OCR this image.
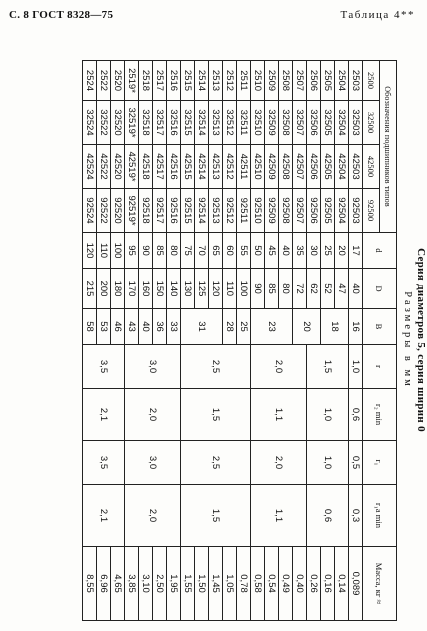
С. 8 ГОСТ 8328—75	Таблица 4**
Серия диаметров 5, серия ширин 0
Размеры в мм
Обозначения подшипников типов				d	D	B	r	r₂ min	r₁	r₁a min	Масса, кг ≈
2500	32500	42500	92500								
2503	32503	42503	92503	17	40	16	1,0	0,6	0,5	0,3	0,089
2504	32504	42504	92504	20	47	18	1,5	1,0	1,0	0,6	0,14
2505	32505	42505	92505	25	52						0,16
2506	32506	42506	92506	30	62	20					0,26
2507	32507	42507	92507	35	72		2,0	1,1	2,0	1,1	0,40
2508	32508	42508	92508	40	80	23					0,49
2509	32509	42509	92509	45	85						0,54
2510	32510	42510	92510	50	90						0,58
2511	32511	42511	92511	55	100	25	2,5	1,5	2,5	1,5	0,78
2512	32512	42512	92512	60	110	28					1,05
2513	32513	42513	92513	65	120	31					1,45
2514	32514	42514	92514	70	125						1,50
2515	32515	42515	92515	75	130						1,55
2516	32516	42516	92516	80	140	33	3,0	2,0	3,0	2,0	1,95
2517	32517	42517	92517	85	150	36					2,50
2518	32518	42518	92518	90	160	40					3,10
2519*	32519*	42519*	92519*	95	170	43					3,85
2520	32520	42520	92520	100	180	46	3,5	2,1	3,5	2,1	4,65
2522	32522	42522	92522	110	200	53					6,96
2524	32524	42524	92524	120	215	58					8,55
